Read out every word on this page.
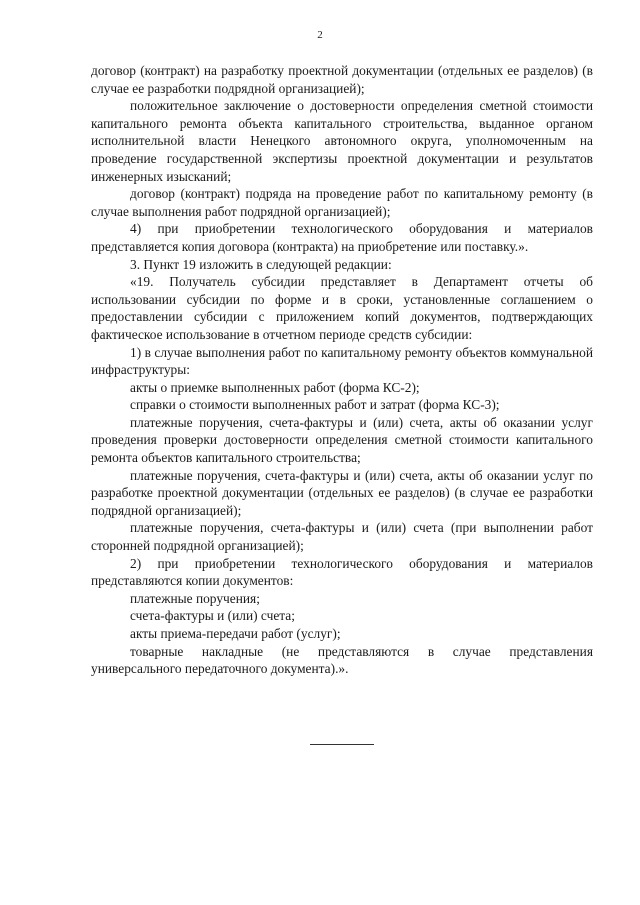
2

договор (контракт) на разработку проектной документации (отдельных ее разделов) (в случае ее разработки подрядной организацией);

положительное заключение о достоверности определения сметной стоимости капитального ремонта объекта капитального строительства, выданное органом исполнительной власти Ненецкого автономного округа, уполномоченным на проведение государственной экспертизы проектной документации и результатов инженерных изысканий;

договор (контракт) подряда на проведение работ по капитальному ремонту (в случае выполнения работ подрядной организацией);

4) при приобретении технологического оборудования и материалов представляется копия договора (контракта) на приобретение или поставку.».

3. Пункт 19 изложить в следующей редакции:

«19. Получатель субсидии представляет в Департамент отчеты об использовании субсидии по форме и в сроки, установленные соглашением о предоставлении субсидии с приложением копий документов, подтверждающих фактическое использование в отчетном периоде средств субсидии:

1) в случае выполнения работ по капитальному ремонту объектов коммунальной инфраструктуры:

акты о приемке выполненных работ (форма КС-2);

справки о стоимости выполненных работ и затрат (форма КС-3);

платежные поручения, счета-фактуры и (или) счета, акты об оказании услуг проведения проверки достоверности определения сметной стоимости капитального ремонта объектов капитального строительства;

платежные поручения, счета-фактуры и (или) счета, акты об оказании услуг по разработке проектной документации (отдельных ее разделов) (в случае ее разработки подрядной организацией);

платежные поручения, счета-фактуры и (или) счета (при выполнении работ сторонней подрядной организацией);

2) при приобретении технологического оборудования и материалов представляются копии документов:

платежные поручения;

счета-фактуры и (или) счета;

акты приема-передачи работ (услуг);

товарные накладные (не представляются в случае представления универсального передаточного документа).».
